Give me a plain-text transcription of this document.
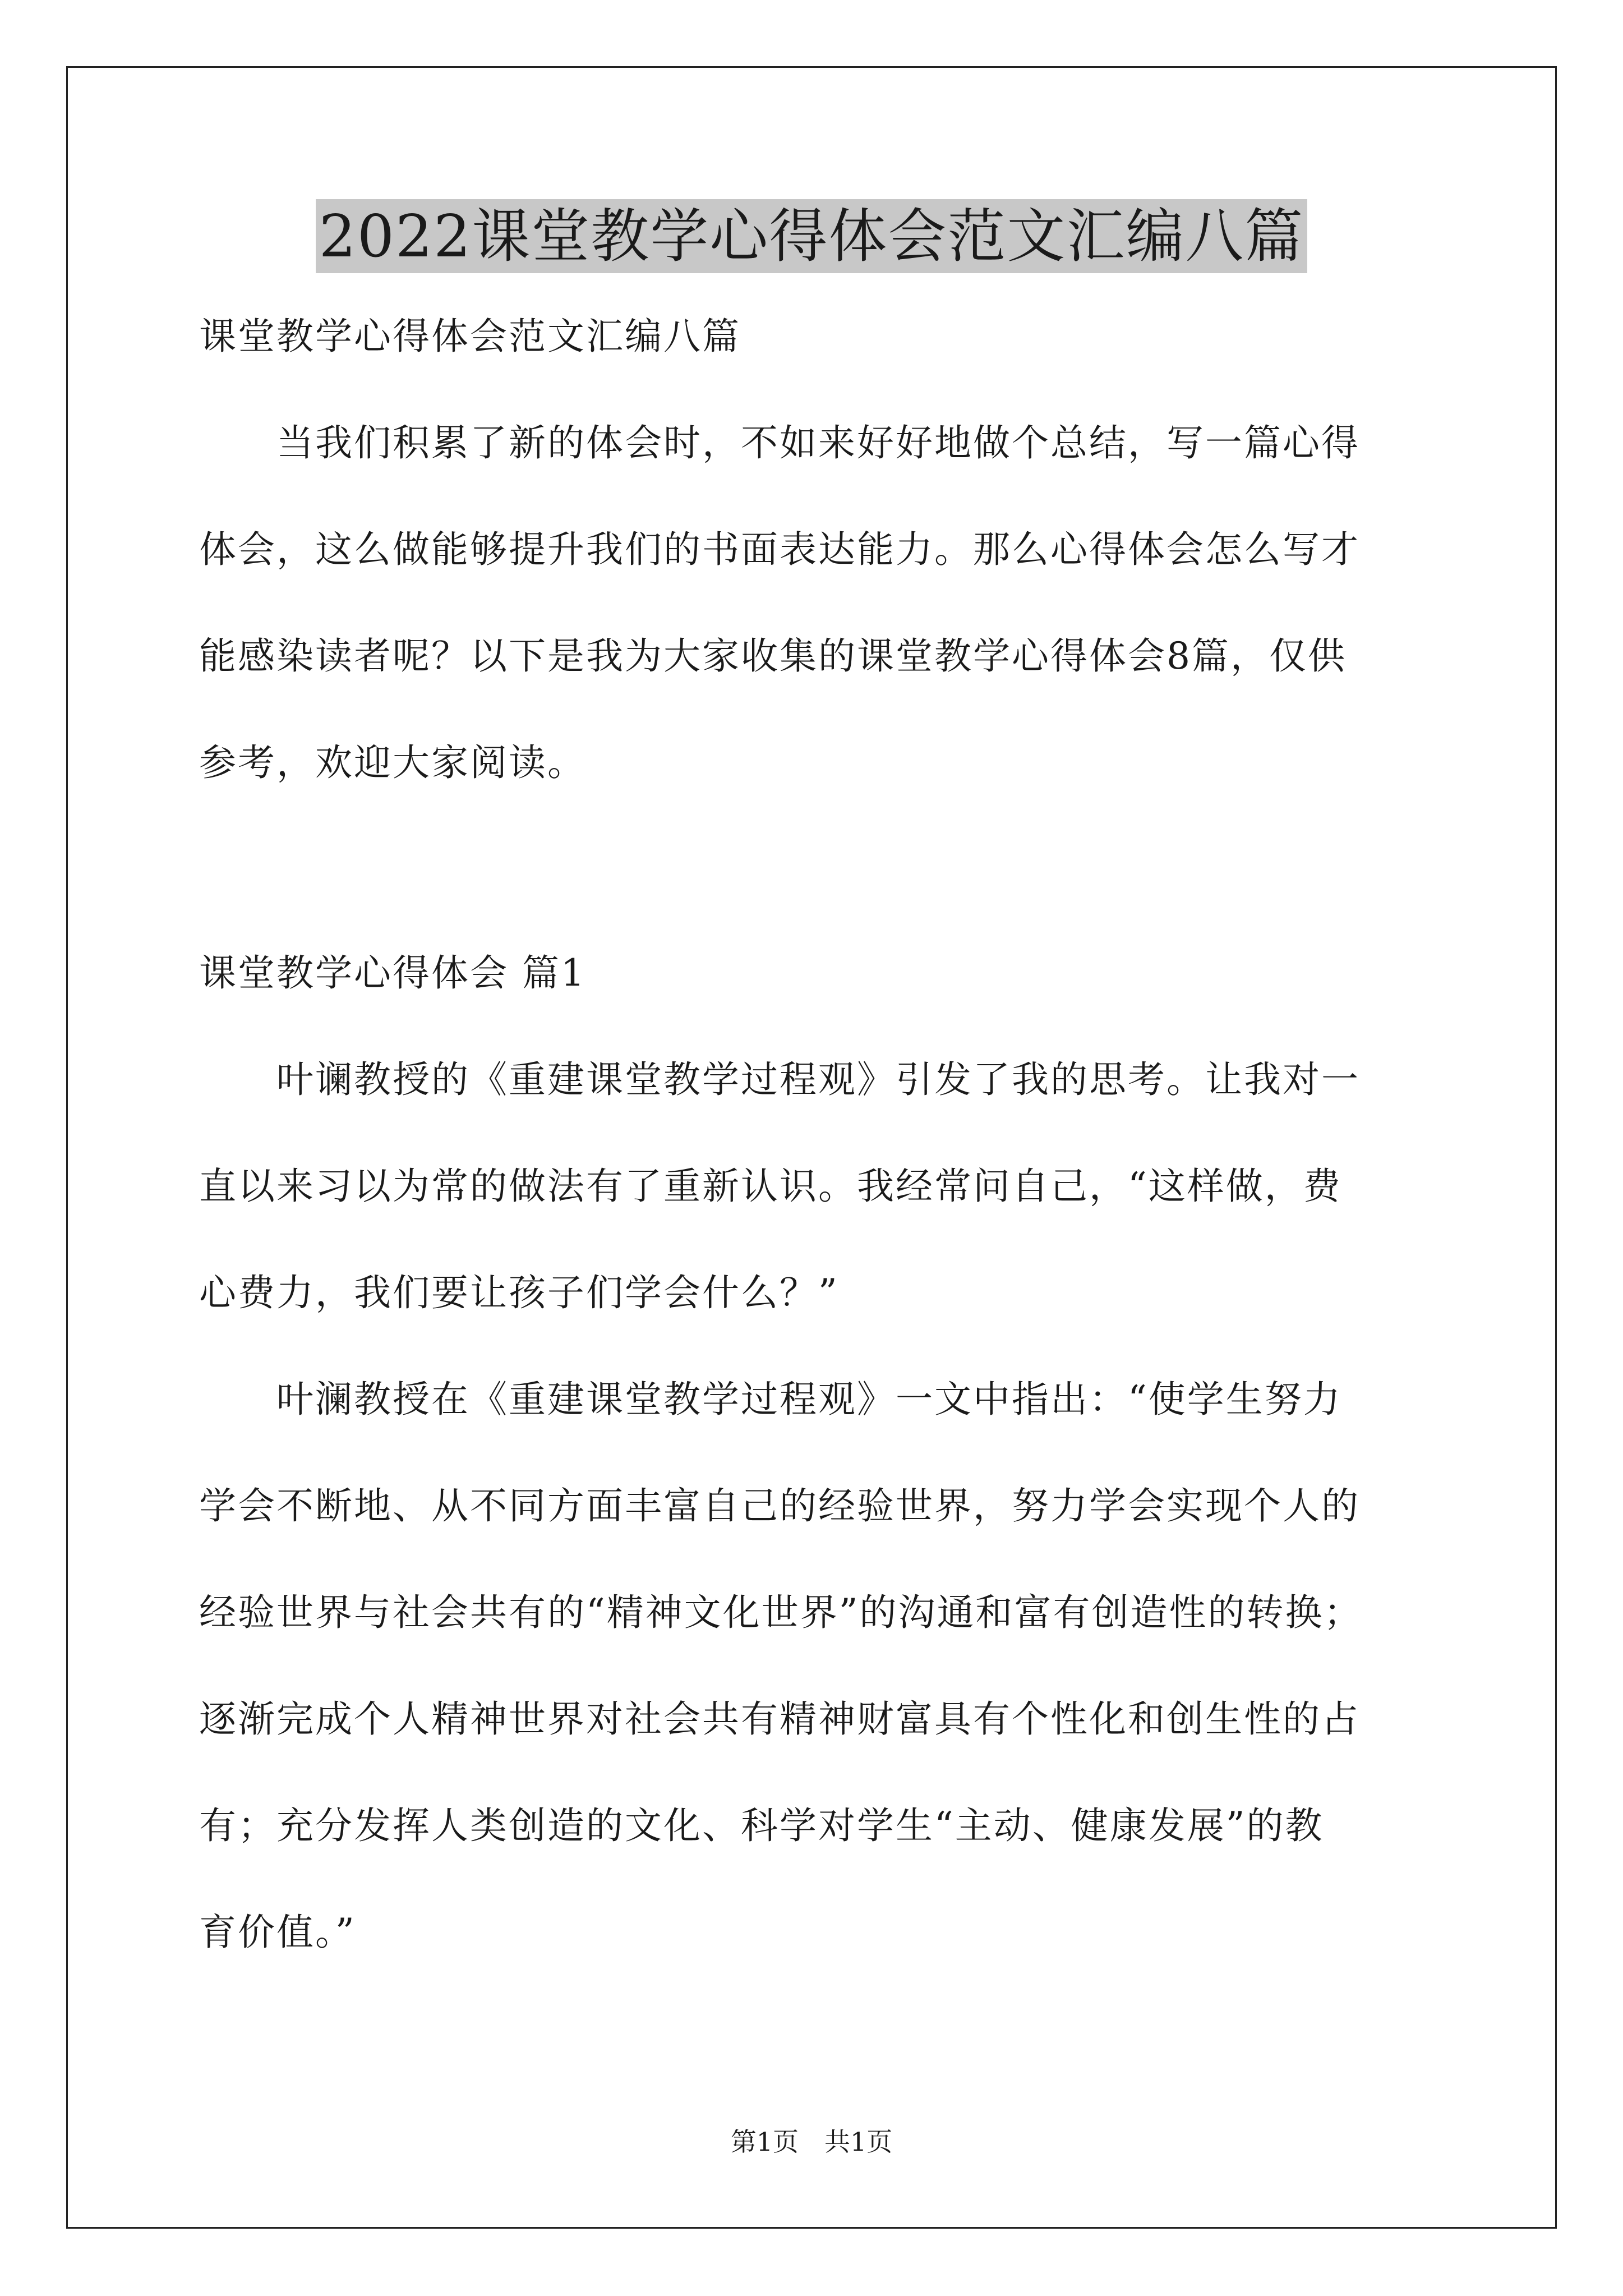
2022课堂教学心得体会范文汇编八篇
课堂教学心得体会范文汇编八篇
　　当我们积累了新的体会时，不如来好好地做个总结，写一篇心得
体会，这么做能够提升我们的书面表达能力。那么心得体会怎么写才
能感染读者呢？以下是我为大家收集的课堂教学心得体会8篇，仅供
参考，欢迎大家阅读。
课堂教学心得体会 篇1
　　叶谰教授的《重建课堂教学过程观》引发了我的思考。让我对一
直以来习以为常的做法有了重新认识。我经常问自己，“这样做，费
心费力，我们要让孩子们学会什么？”
　　叶澜教授在《重建课堂教学过程观》一文中指出：“使学生努力
学会不断地、从不同方面丰富自己的经验世界，努力学会实现个人的
经验世界与社会共有的“精神文化世界”的沟通和富有创造性的转换；
逐渐完成个人精神世界对社会共有精神财富具有个性化和创生性的占
有；充分发挥人类创造的文化、科学对学生“主动、健康发展”的教
育价值。”
第1页　共1页
